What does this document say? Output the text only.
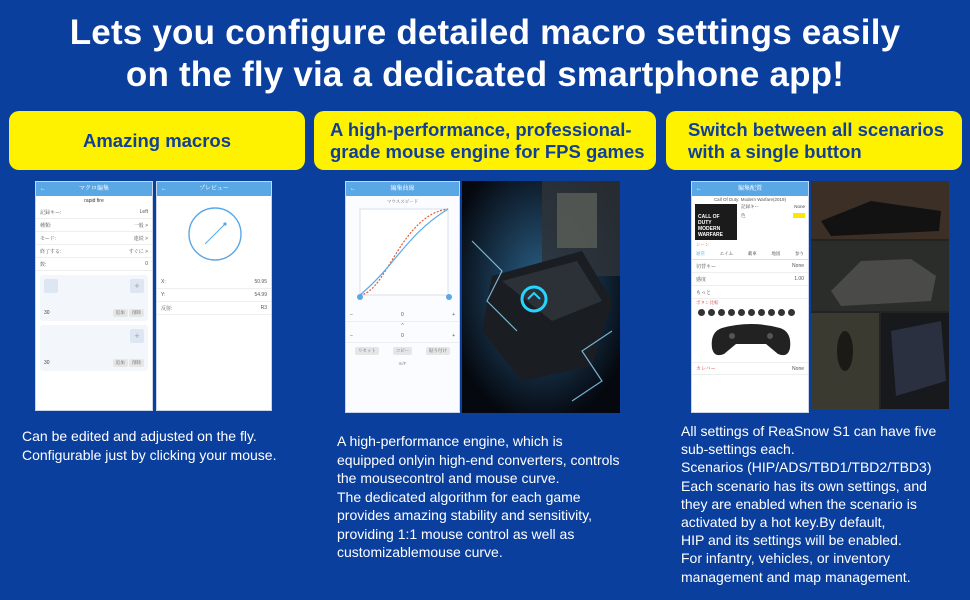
Lets you configure detailed macro settings easily
on the fly via a dedicated smartphone app!
Amazing macros
A high-performance, professional-
grade mouse engine for FPS games
Switch between all scenarios
with a single button
←	マクロ編集
rapid fire
記録キー:	Left
種類:	一般 >
モード:	連続 >
終了する:	すぐに >
数:	0
+
30	追加 削除
+
30	追加 削除
←	プレビュー
X:	50.95
Y:	54.99
反射:	R3
←	編集曲線
マウススピード
–	0	+
⌃
–	0	+
リセット	コピー	貼り付け
m/F
←	編集配置
Call Of Duty: Modern Warfare(2019)
CALL OF DUTY MODERN WARFARE
記録キー	None
色
シーン
通常	エイム	載車	地図	参り
切替キー	None
感度	1.00
もっと
ボタン比較
カレバー	None
Can be edited and adjusted on the fly.
Configurable just by clicking your mouse.
A high-performance engine, which is
equipped onlyin high-end converters, controls
the mousecontrol and mouse curve.
The dedicated algorithm for each game
provides amazing stability and sensitivity,
providing 1:1 mouse control as well as
customizablemouse curve.
All settings of ReaSnow S1 can have five
sub-settings each.
Scenarios (HIP/ADS/TBD1/TBD2/TBD3)
Each scenario has its own settings, and
they are enabled when the scenario is
activated by a hot key.By default,
HIP and its settings will be enabled.
For infantry, vehicles, or inventory
management and map management.
